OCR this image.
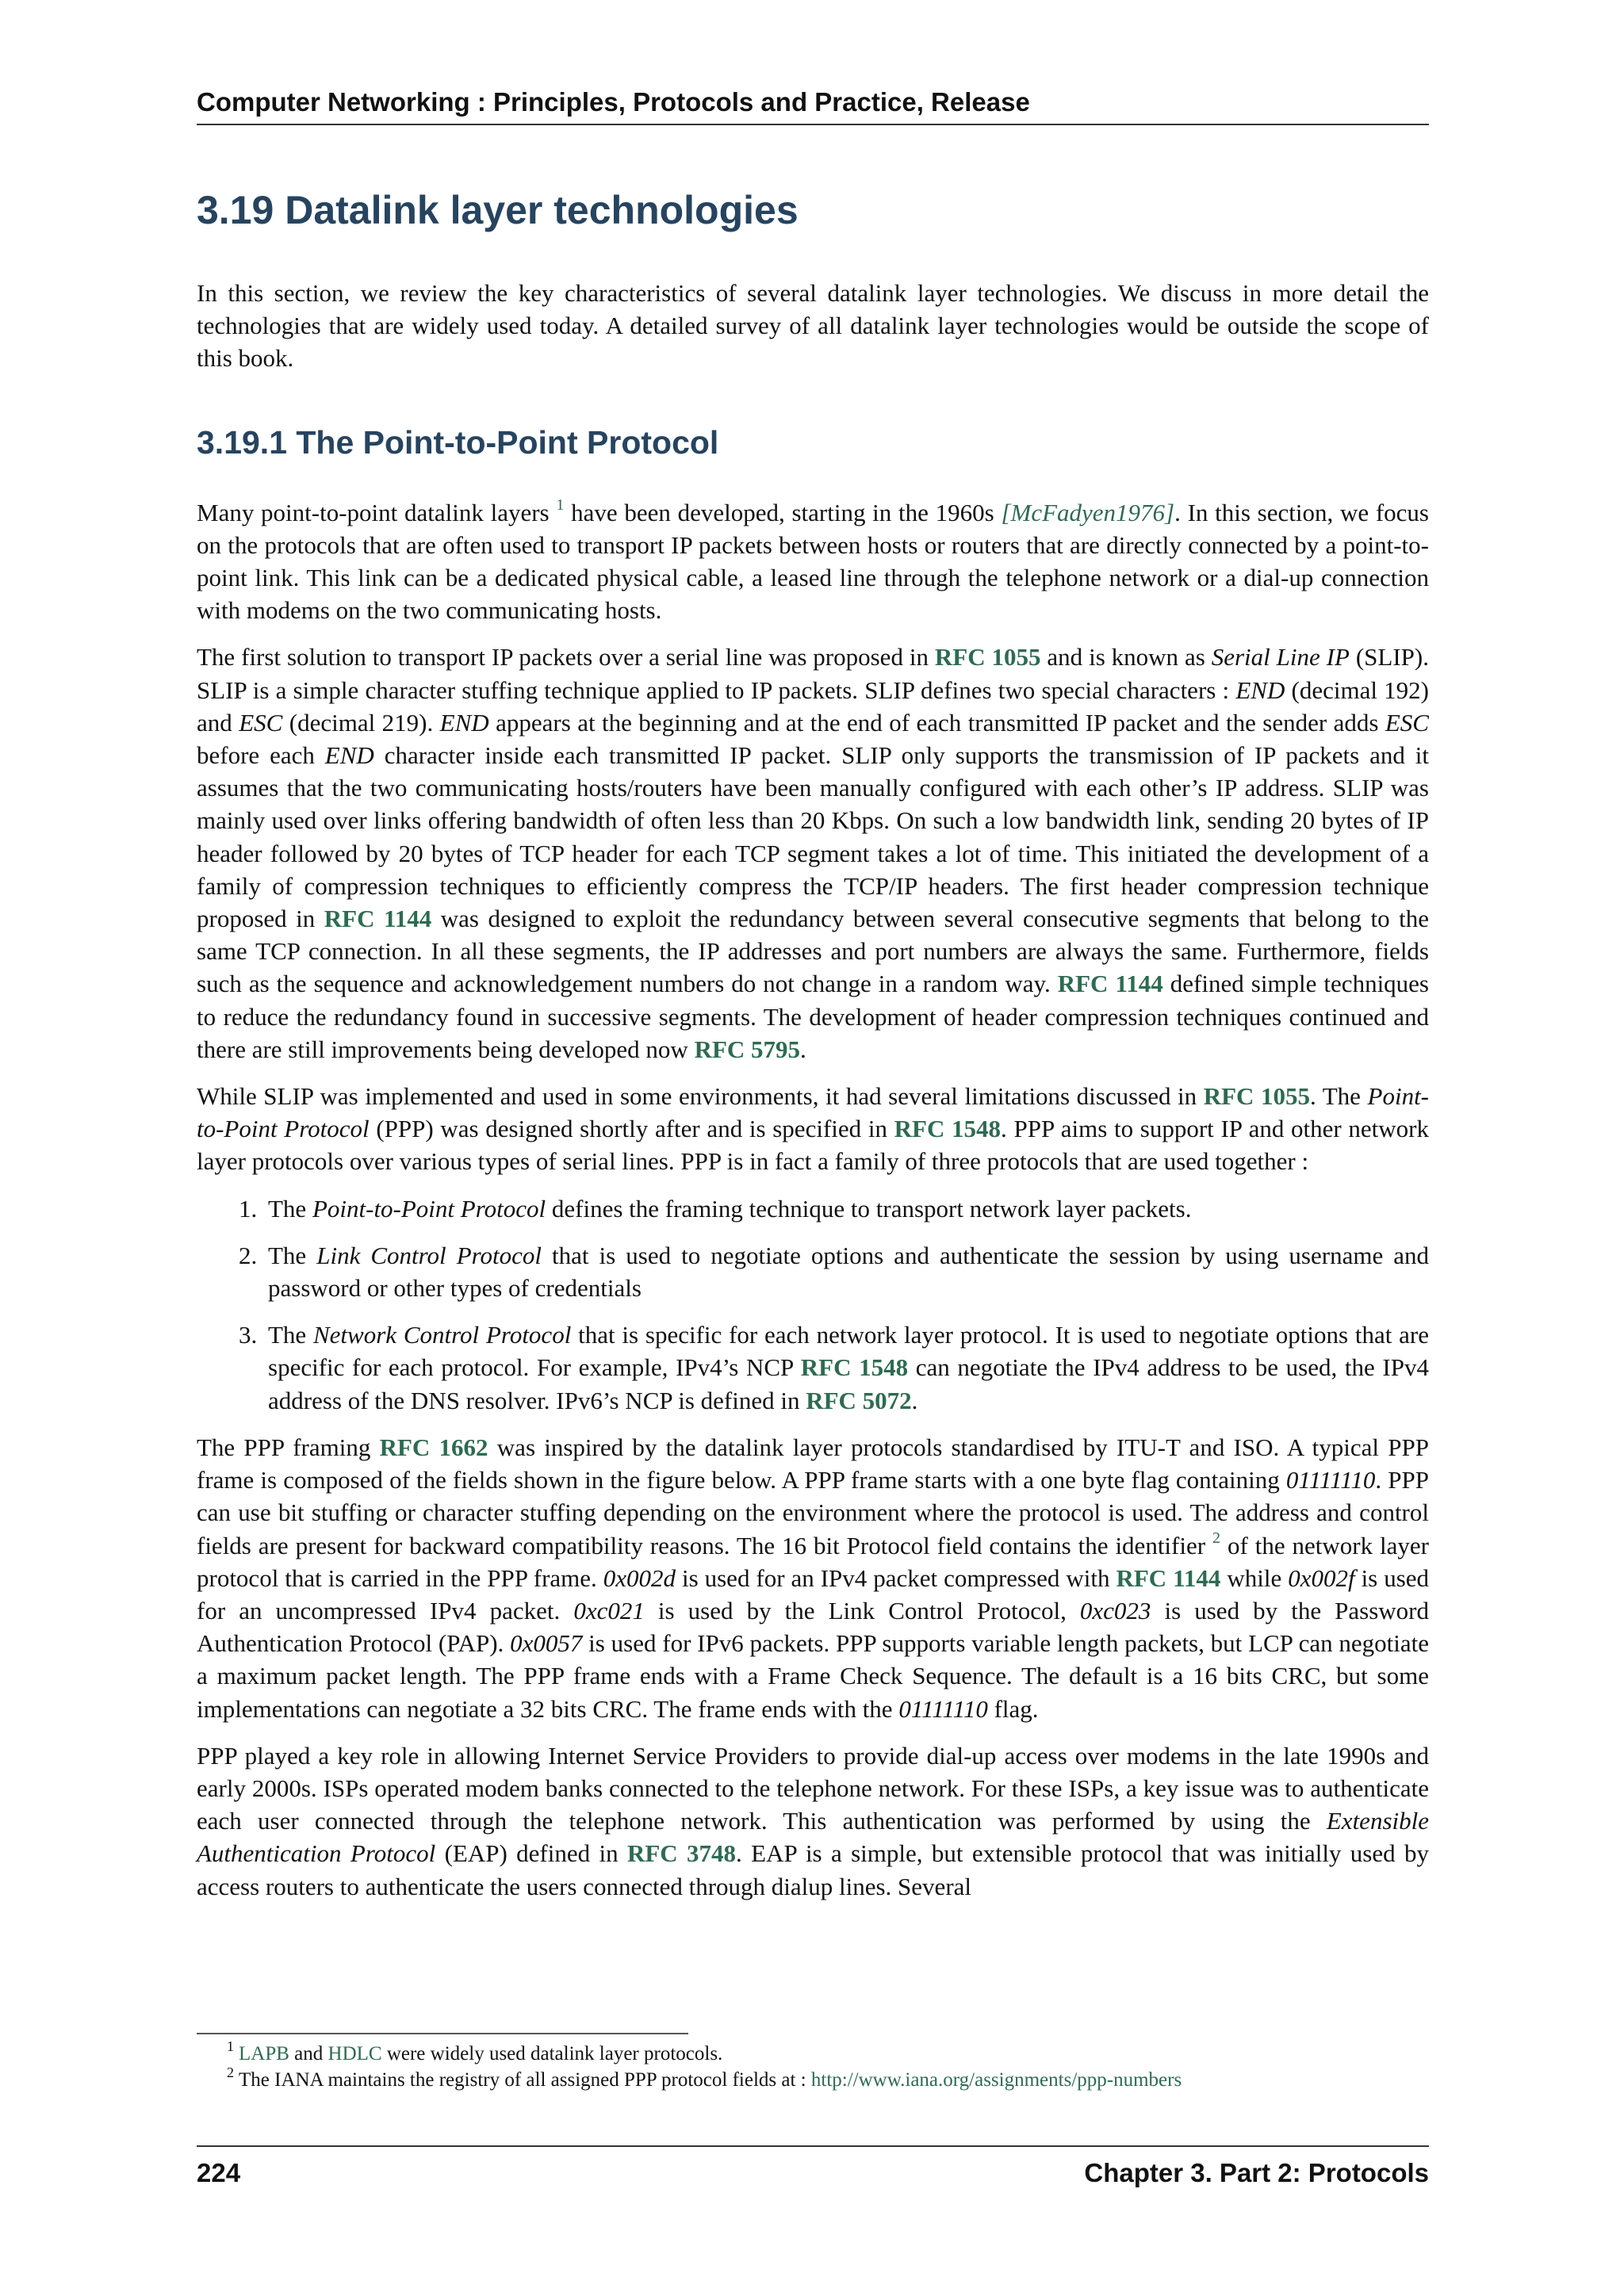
Computer Networking : Principles, Protocols and Practice, Release
3.19 Datalink layer technologies

In this section, we review the key characteristics of several datalink layer technologies. We discuss in more detail the technologies that are widely used today. A detailed survey of all datalink layer technologies would be outside the scope of this book.

3.19.1 The Point-to-Point Protocol

Many point-to-point datalink layers $^1$ have been developed, starting in the 1960s [McFadyen1976]. In this section, we focus on the protocols that are often used to transport IP packets between hosts or routers that are directly connected by a point-to-point link. This link can be a dedicated physical cable, a leased line through the telephone network or a dial-up connection with modems on the two communicating hosts.

The first solution to transport IP packets over a serial line was proposed in RFC 1055 and is known as Serial Line IP (SLIP). SLIP is a simple character stuffing technique applied to IP packets. SLIP defines two special characters : END (decimal 192) and ESC (decimal 219). END appears at the beginning and at the end of each transmitted IP packet and the sender adds ESC before each END character inside each transmitted IP packet. SLIP only supports the transmission of IP packets and it assumes that the two communicating hosts/routers have been manually configured with each other’s IP address. SLIP was mainly used over links offering bandwidth of often less than 20 Kbps. On such a low bandwidth link, sending 20 bytes of IP header followed by 20 bytes of TCP header for each TCP segment takes a lot of time. This initiated the development of a family of compression techniques to efficiently compress the TCP/IP headers. The first header compression technique proposed in RFC 1144 was designed to exploit the redundancy between several consecutive segments that belong to the same TCP connection. In all these segments, the IP addresses and port numbers are always the same. Furthermore, fields such as the sequence and acknowledgement numbers do not change in a random way. RFC 1144 defined simple techniques to reduce the redundancy found in successive segments. The development of header compression techniques continued and there are still improvements being developed now RFC 5795.

While SLIP was implemented and used in some environments, it had several limitations discussed in RFC 1055. The Point-to-Point Protocol (PPP) was designed shortly after and is specified in RFC 1548. PPP aims to support IP and other network layer protocols over various types of serial lines. PPP is in fact a family of three protocols that are used together :

1. The Point-to-Point Protocol defines the framing technique to transport network layer packets.
2. The Link Control Protocol that is used to negotiate options and authenticate the session by using username and password or other types of credentials
3. The Network Control Protocol that is specific for each network layer protocol. It is used to negotiate options that are specific for each protocol. For example, IPv4’s NCP RFC 1548 can negotiate the IPv4 address to be used, the IPv4 address of the DNS resolver. IPv6’s NCP is defined in RFC 5072.

The PPP framing RFC 1662 was inspired by the datalink layer protocols standardised by ITU-T and ISO. A typical PPP frame is composed of the fields shown in the figure below. A PPP frame starts with a one byte flag containing 01111110. PPP can use bit stuffing or character stuffing depending on the environment where the protocol is used. The address and control fields are present for backward compatibility reasons. The 16 bit Protocol field contains the identifier $^2$ of the network layer protocol that is carried in the PPP frame. 0x002d is used for an IPv4 packet compressed with RFC 1144 while 0x002f is used for an uncompressed IPv4 packet. 0xc021 is used by the Link Control Protocol, 0xc023 is used by the Password Authentication Protocol (PAP). 0x0057 is used for IPv6 packets. PPP supports variable length packets, but LCP can negotiate a maximum packet length. The PPP frame ends with a Frame Check Sequence. The default is a 16 bits CRC, but some implementations can negotiate a 32 bits CRC. The frame ends with the 01111110 flag.

PPP played a key role in allowing Internet Service Providers to provide dial-up access over modems in the late 1990s and early 2000s. ISPs operated modem banks connected to the telephone network. For these ISPs, a key issue was to authenticate each user connected through the telephone network. This authentication was performed by using the Extensible Authentication Protocol (EAP) defined in RFC 3748. EAP is a simple, but extensible protocol that was initially used by access routers to authenticate the users connected through dialup lines. Several

$^1$ LAPB and HDLC were widely used datalink layer protocols.
$^2$ The IANA maintains the registry of all assigned PPP protocol fields at : http://www.iana.org/assignments/ppp-numbers
224	Chapter 3. Part 2: Protocols
